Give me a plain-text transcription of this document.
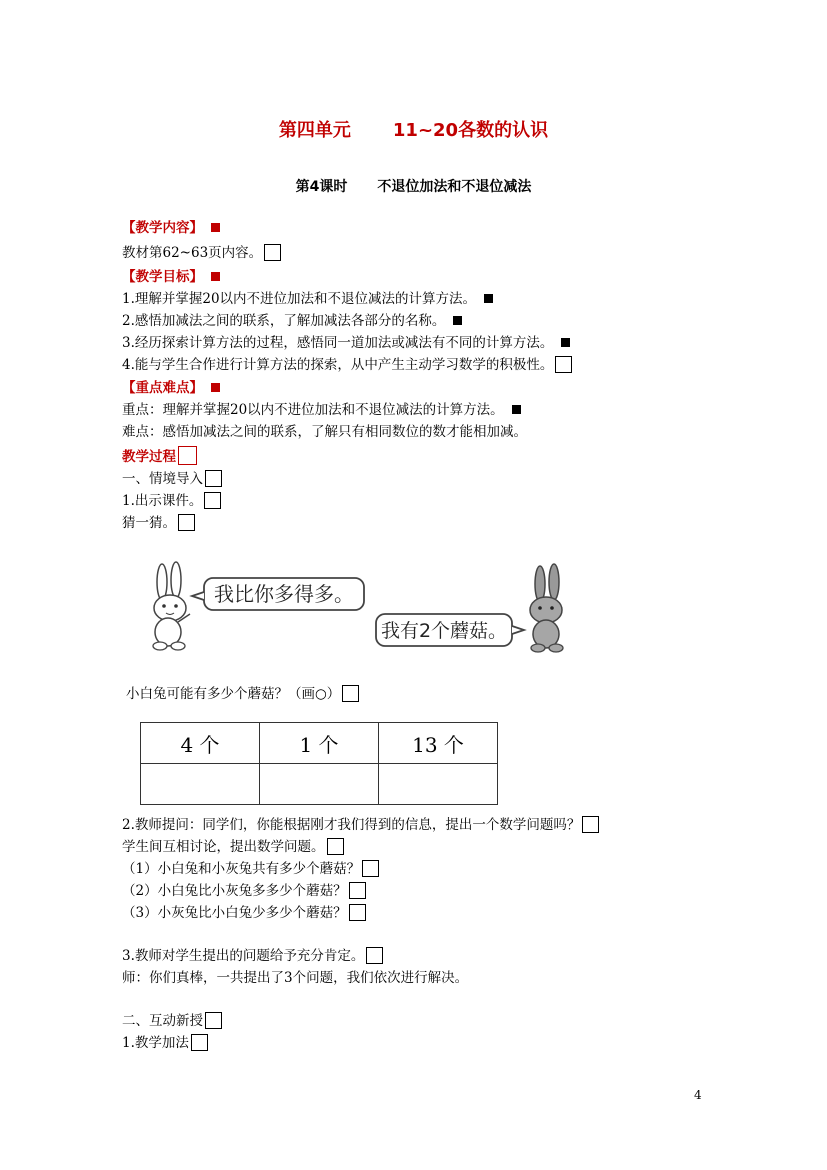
第四单元 11~20各数的认识
第4课时 不退位加法和不退位减法
【教学内容】
教材第62~63页内容。
【教学目标】
1.理解并掌握20以内不进位加法和不退位减法的计算方法。
2.感悟加减法之间的联系，了解加减法各部分的名称。
3.经历探索计算方法的过程，感悟同一道加法或减法有不同的计算方法。
4.能与学生合作进行计算方法的探索，从中产生主动学习数学的积极性。
【重点难点】
重点：理解并掌握20以内不进位加法和不退位减法的计算方法。
难点：感悟加减法之间的联系，了解只有相同数位的数才能相加减。
教学过程
一、情境导入
1.出示课件。
猜一猜。
我比你多得多。
我有2个蘑菇。
小白兔可能有多少个蘑菇？（画○）
4 个	1 个	13 个

2.教师提问：同学们，你能根据刚才我们得到的信息，提出一个数学问题吗？
学生间互相讨论，提出数学问题。
（1）小白兔和小灰兔共有多少个蘑菇？
（2）小白兔比小灰兔多多少个蘑菇？
（3）小灰兔比小白兔少多少个蘑菇？
3.教师对学生提出的问题给予充分肯定。
师：你们真棒，一共提出了3个问题，我们依次进行解决。
二、互动新授
1.教学加法
4
